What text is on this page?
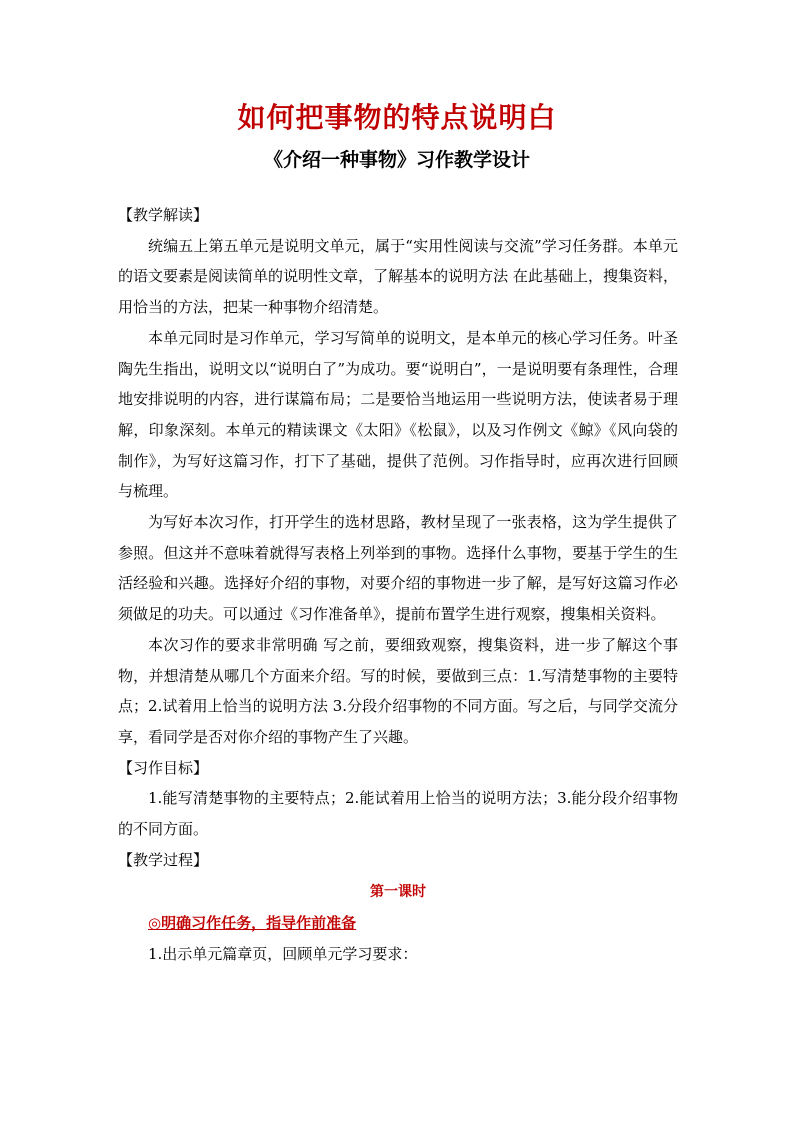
如何把事物的特点说明白
《介绍一种事物》习作教学设计

【教学解读】

统编五上第五单元是说明文单元，属于“实用性阅读与交流”学习任务群。本单元的语文要素是阅读简单的说明性文章，了解基本的说明方法 在此基础上，搜集资料，用恰当的方法，把某一种事物介绍清楚。

本单元同时是习作单元，学习写简单的说明文，是本单元的核心学习任务。叶圣陶先生指出，说明文以“说明白了”为成功。要“说明白”，一是说明要有条理性，合理地安排说明的内容，进行谋篇布局；二是要恰当地运用一些说明方法，使读者易于理解，印象深刻。本单元的精读课文《太阳》《松鼠》，以及习作例文《鲸》《风向袋的制作》，为写好这篇习作，打下了基础，提供了范例。习作指导时，应再次进行回顾与梳理。

为写好本次习作，打开学生的选材思路，教材呈现了一张表格，这为学生提供了参照。但这并不意味着就得写表格上列举到的事物。选择什么事物，要基于学生的生活经验和兴趣。选择好介绍的事物，对要介绍的事物进一步了解，是写好这篇习作必须做足的功夫。可以通过《习作准备单》，提前布置学生进行观察，搜集相关资料。

本次习作的要求非常明确 写之前，要细致观察，搜集资料，进一步了解这个事物，并想清楚从哪几个方面来介绍。写的时候，要做到三点：1.写清楚事物的主要特点；2.试着用上恰当的说明方法 3.分段介绍事物的不同方面。写之后，与同学交流分享，看同学是否对你介绍的事物产生了兴趣。

【习作目标】

1.能写清楚事物的主要特点；2.能试着用上恰当的说明方法；3.能分段介绍事物的不同方面。

【教学过程】

第一课时

◎明确习作任务，指导作前准备

1.出示单元篇章页，回顾单元学习要求：
